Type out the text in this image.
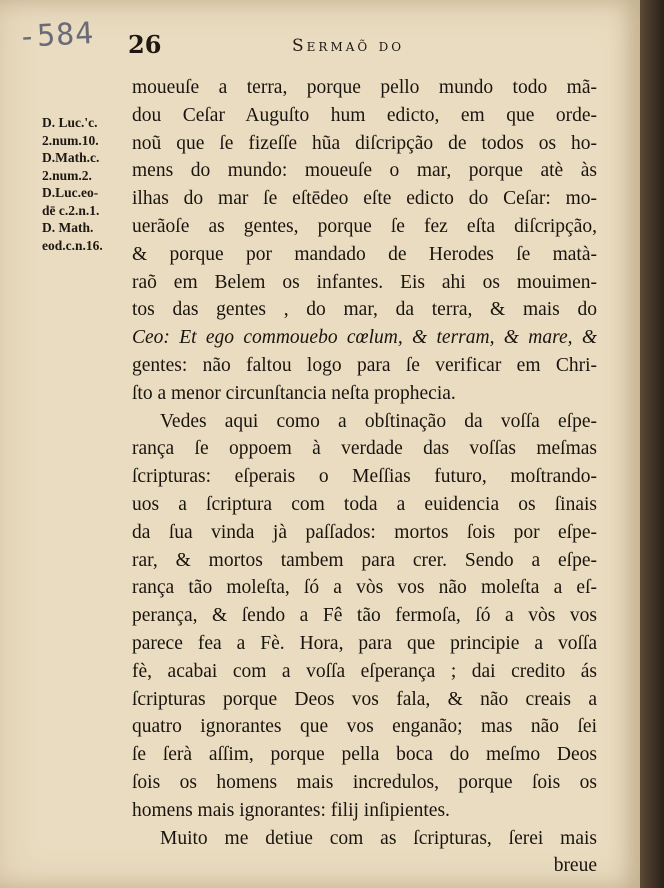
-584 26	Sermaõ do
D. Luc.'c.
2.num.10.
D.Math.c.
2.num.2.
D.Luc.eo-
dē c.2.n.1.
D. Math.
eod.c.n.16.
moueuſe a terra, porque pello mundo todo mã-
dou Ceſar Auguſto hum edicto, em que orde-
noũ que ſe fizeſſe hũa diſcripção de todos os ho-
mens do mundo: moueuſe o mar, porque atè às
ilhas do mar ſe eſtēdeo eſte edicto do Ceſar: mo-
uerãoſe as gentes, porque ſe fez eſta diſcripção,
& porque por mandado de Herodes ſe matà-
raõ em Belem os infantes. Eis ahi os mouimen-
tos das gentes , do mar, da terra, & mais do
Ceo: Et ego commouebo cœlum, & terram, & mare, &
gentes: não faltou logo para ſe verificar em Chri-
ſto a menor circunſtancia neſta prophecia.
Vedes aqui como a obſtinação da voſſa eſpe-
rança ſe oppoem à verdade das voſſas meſmas
ſcripturas: eſperais o Meſſias futuro, moſtrando-
uos a ſcriptura com toda a euidencia os ſinais
da ſua vinda jà paſſados: mortos ſois por eſpe-
rar, & mortos tambem para crer. Sendo a eſpe-
rança tão moleſta, ſó a vòs vos não moleſta a eſ-
perança, & ſendo a Fê tão fermoſa, ſó a vòs vos
parece fea a Fè. Hora, para que principie a voſſa
fè, acabai com a voſſa eſperança ; dai credito ás
ſcripturas porque Deos vos fala, & não creais a
quatro ignorantes que vos enganão; mas não ſei
ſe ſerà aſſim, porque pella boca do meſmo Deos
ſois os homens mais incredulos, porque ſois os
homens mais ignorantes: filij inſipientes.
Muito me detiue com as ſcripturas, ſerei mais
breue
